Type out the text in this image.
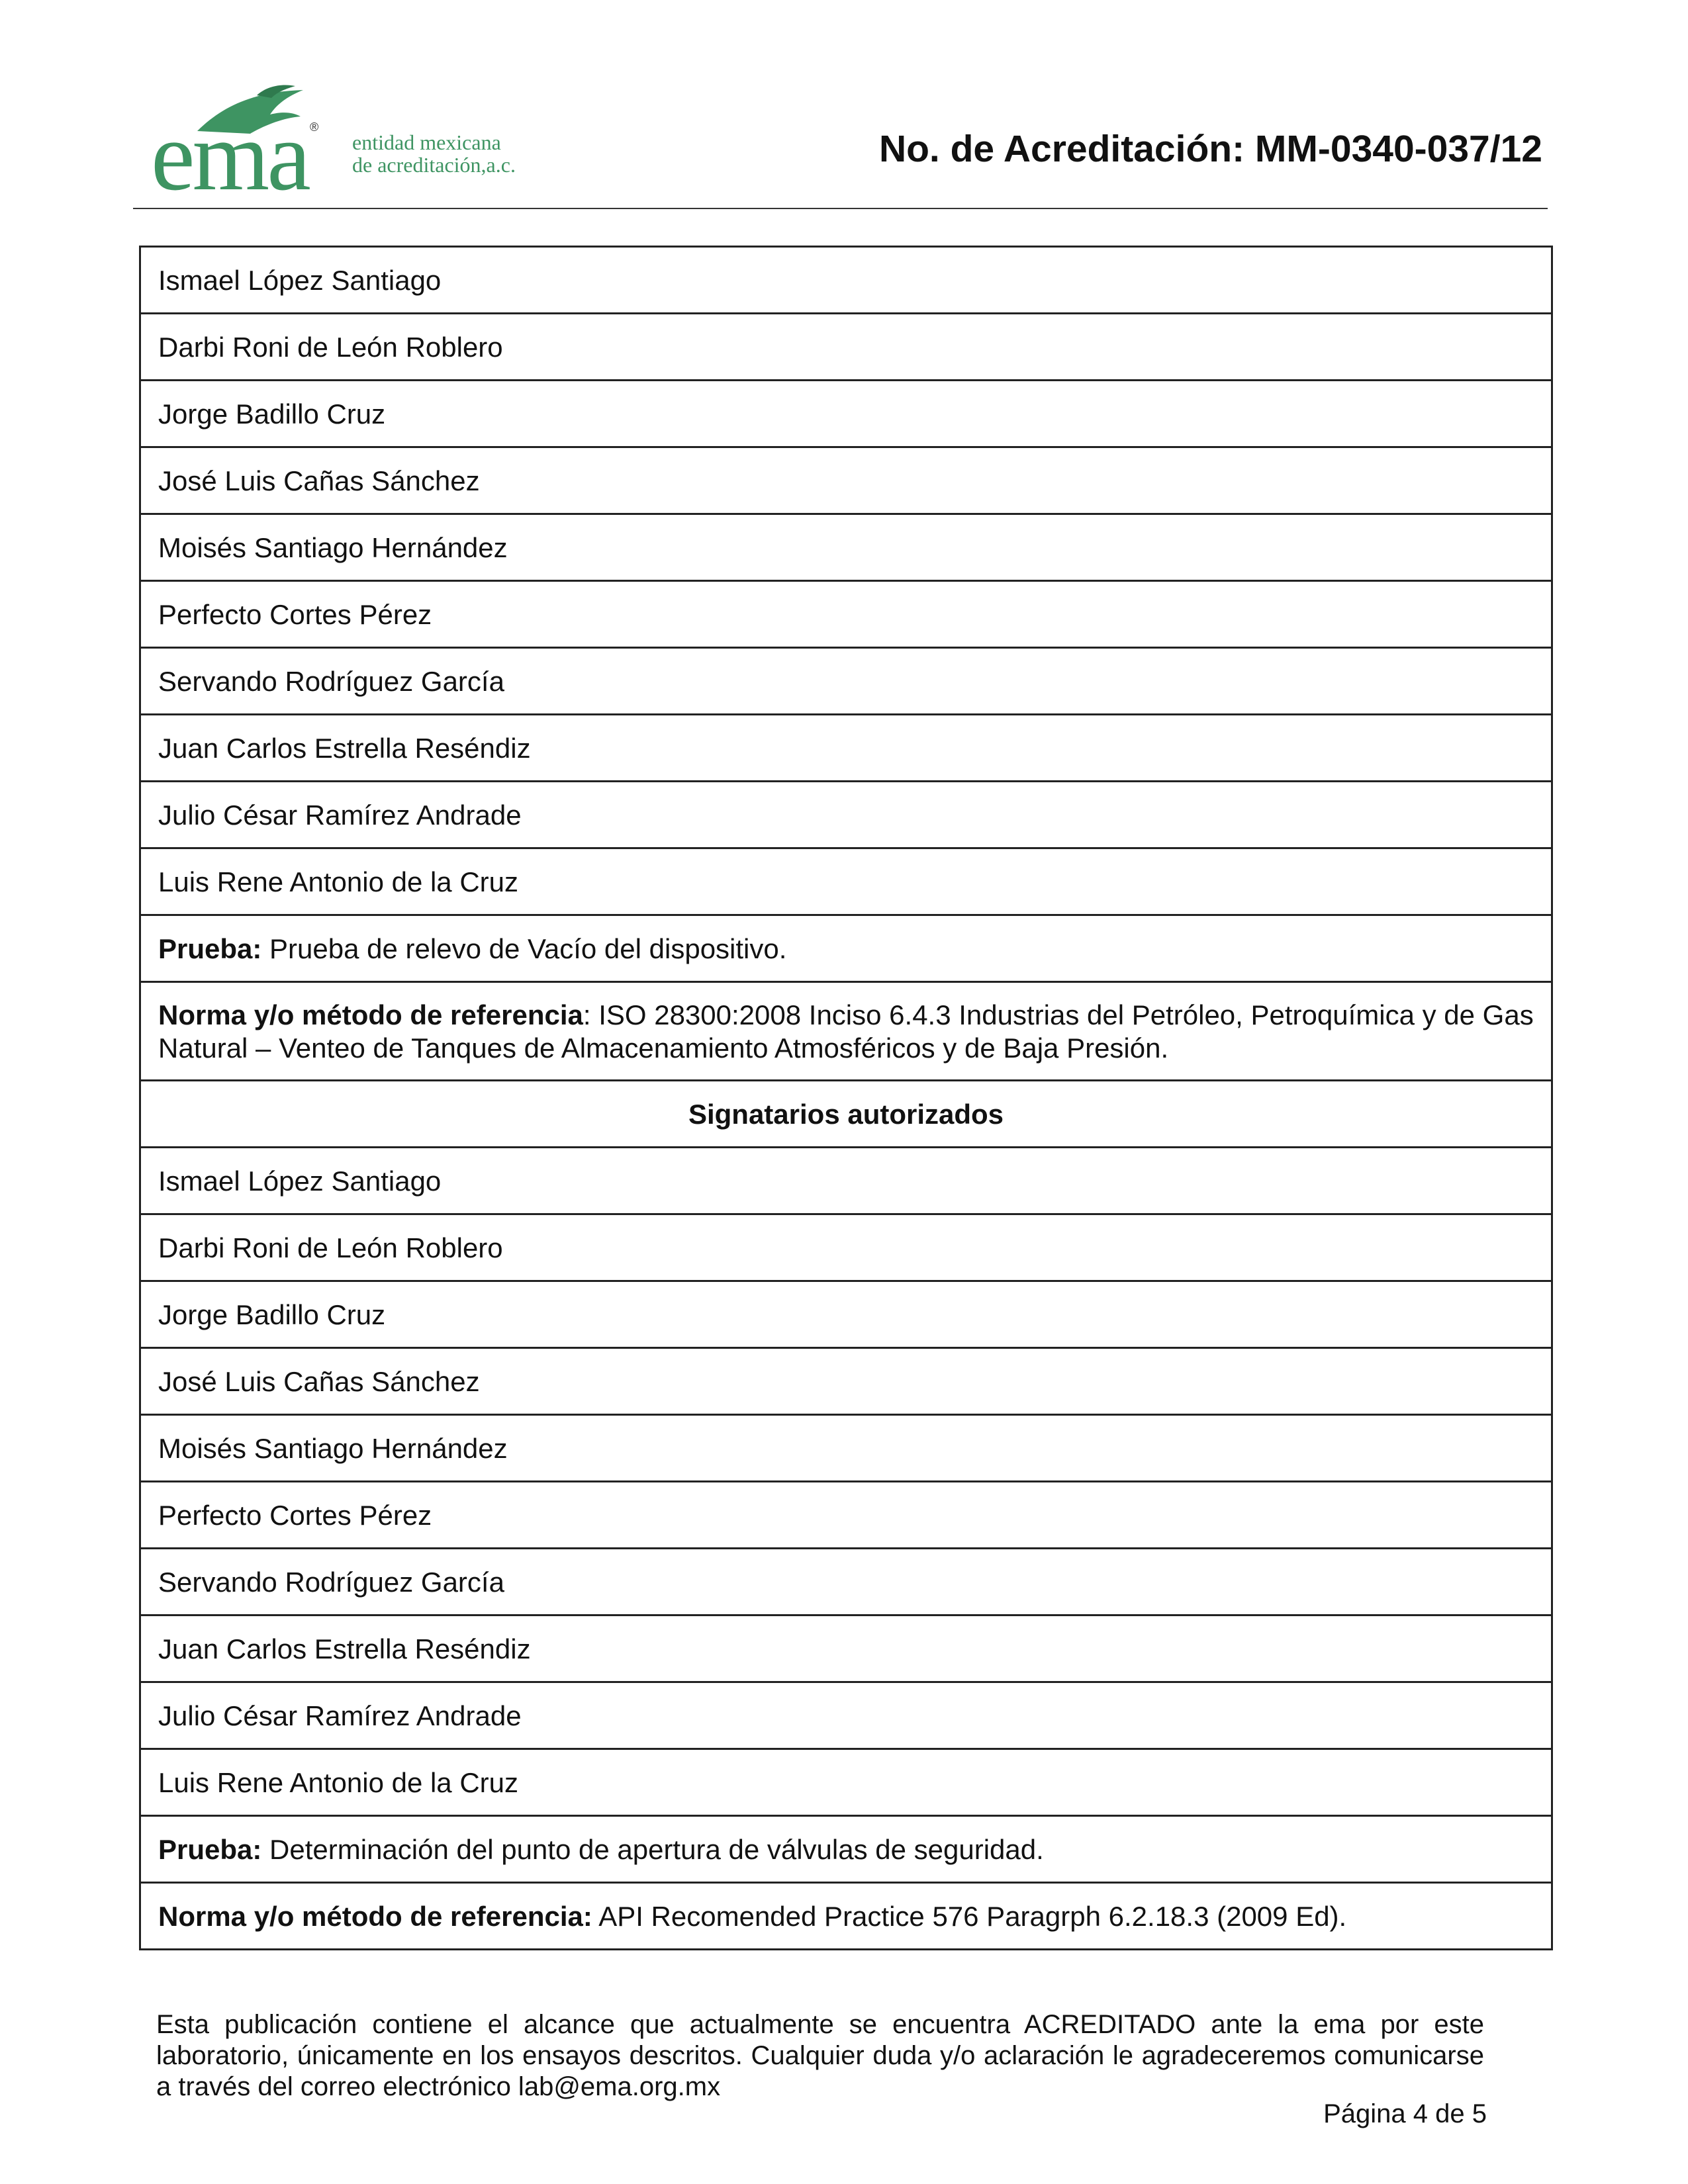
ema ®
entidad mexicana
de acreditación,a.c.	No. de Acreditación: MM-0340-037/12
Ismael López Santiago
Darbi Roni de León Roblero
Jorge Badillo Cruz
José Luis Cañas Sánchez
Moisés Santiago Hernández
Perfecto Cortes Pérez
Servando Rodríguez García
Juan Carlos Estrella Reséndiz
Julio César Ramírez Andrade
Luis Rene Antonio de la Cruz
Prueba: Prueba de relevo de Vacío del dispositivo.
Norma y/o método de referencia: ISO 28300:2008 Inciso 6.4.3 Industrias del Petróleo, Petroquímica y de Gas Natural – Venteo de Tanques de Almacenamiento Atmosféricos y de Baja Presión.
Signatarios autorizados
Ismael López Santiago
Darbi Roni de León Roblero
Jorge Badillo Cruz
José Luis Cañas Sánchez
Moisés Santiago Hernández
Perfecto Cortes Pérez
Servando Rodríguez García
Juan Carlos Estrella Reséndiz
Julio César Ramírez Andrade
Luis Rene Antonio de la Cruz
Prueba: Determinación del punto de apertura de válvulas de seguridad.
Norma y/o método de referencia: API Recomended Practice 576 Paragrph 6.2.18.3 (2009 Ed).
Esta publicación contiene el alcance que actualmente se encuentra ACREDITADO ante la ema por este laboratorio, únicamente en los ensayos descritos. Cualquier duda y/o aclaración le agradeceremos comunicarse a través del correo electrónico lab@ema.org.mx
Página 4 de 5
